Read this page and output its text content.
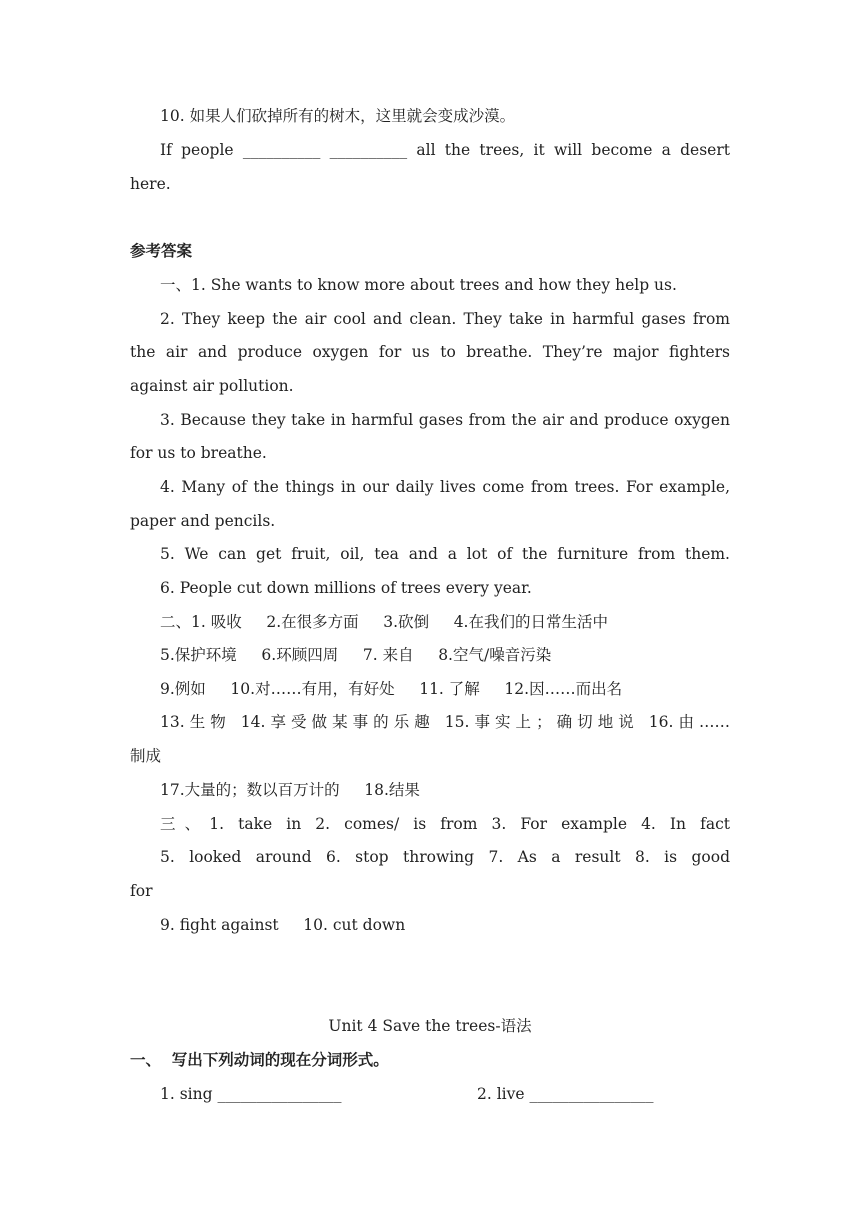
10. 如果人们砍掉所有的树木，这里就会变成沙漠。
If people __________ __________ all the trees, it will become a desert
here.
参考答案
一、1. She wants to know more about trees and how they help us.
2. They keep the air cool and clean. They take in harmful gases from
the air and produce oxygen for us to breathe. They’re major fighters
against air pollution.
3. Because they take in harmful gases from the air and produce oxygen
for us to breathe.
4. Many of the things in our daily lives come from trees. For example,
paper and pencils.
5. We can get fruit, oil, tea and a lot of the furniture from them.
6. People cut down millions of trees every year.
二、1. 吸收     2.在很多方面     3.砍倒     4.在我们的日常生活中
5.保护环境     6.环顾四周     7. 来自     8.空气/噪音污染
9.例如     10.对……有用，有好处     11. 了解     12.因……而出名
13.生物 14.享受做某事的乐趣 15.事实上；确切地说 16.由……
制成
17.大量的；数以百万计的     18.结果
三、1. take in 2. comes/ is from 3. For example 4. In fact
5. looked around 6. stop throwing 7. As a result 8. is good
for
9. fight against     10. cut down
Unit 4 Save the trees-语法
一、  写出下列动词的现在分词形式。
1. sing ________________	2. live ________________
